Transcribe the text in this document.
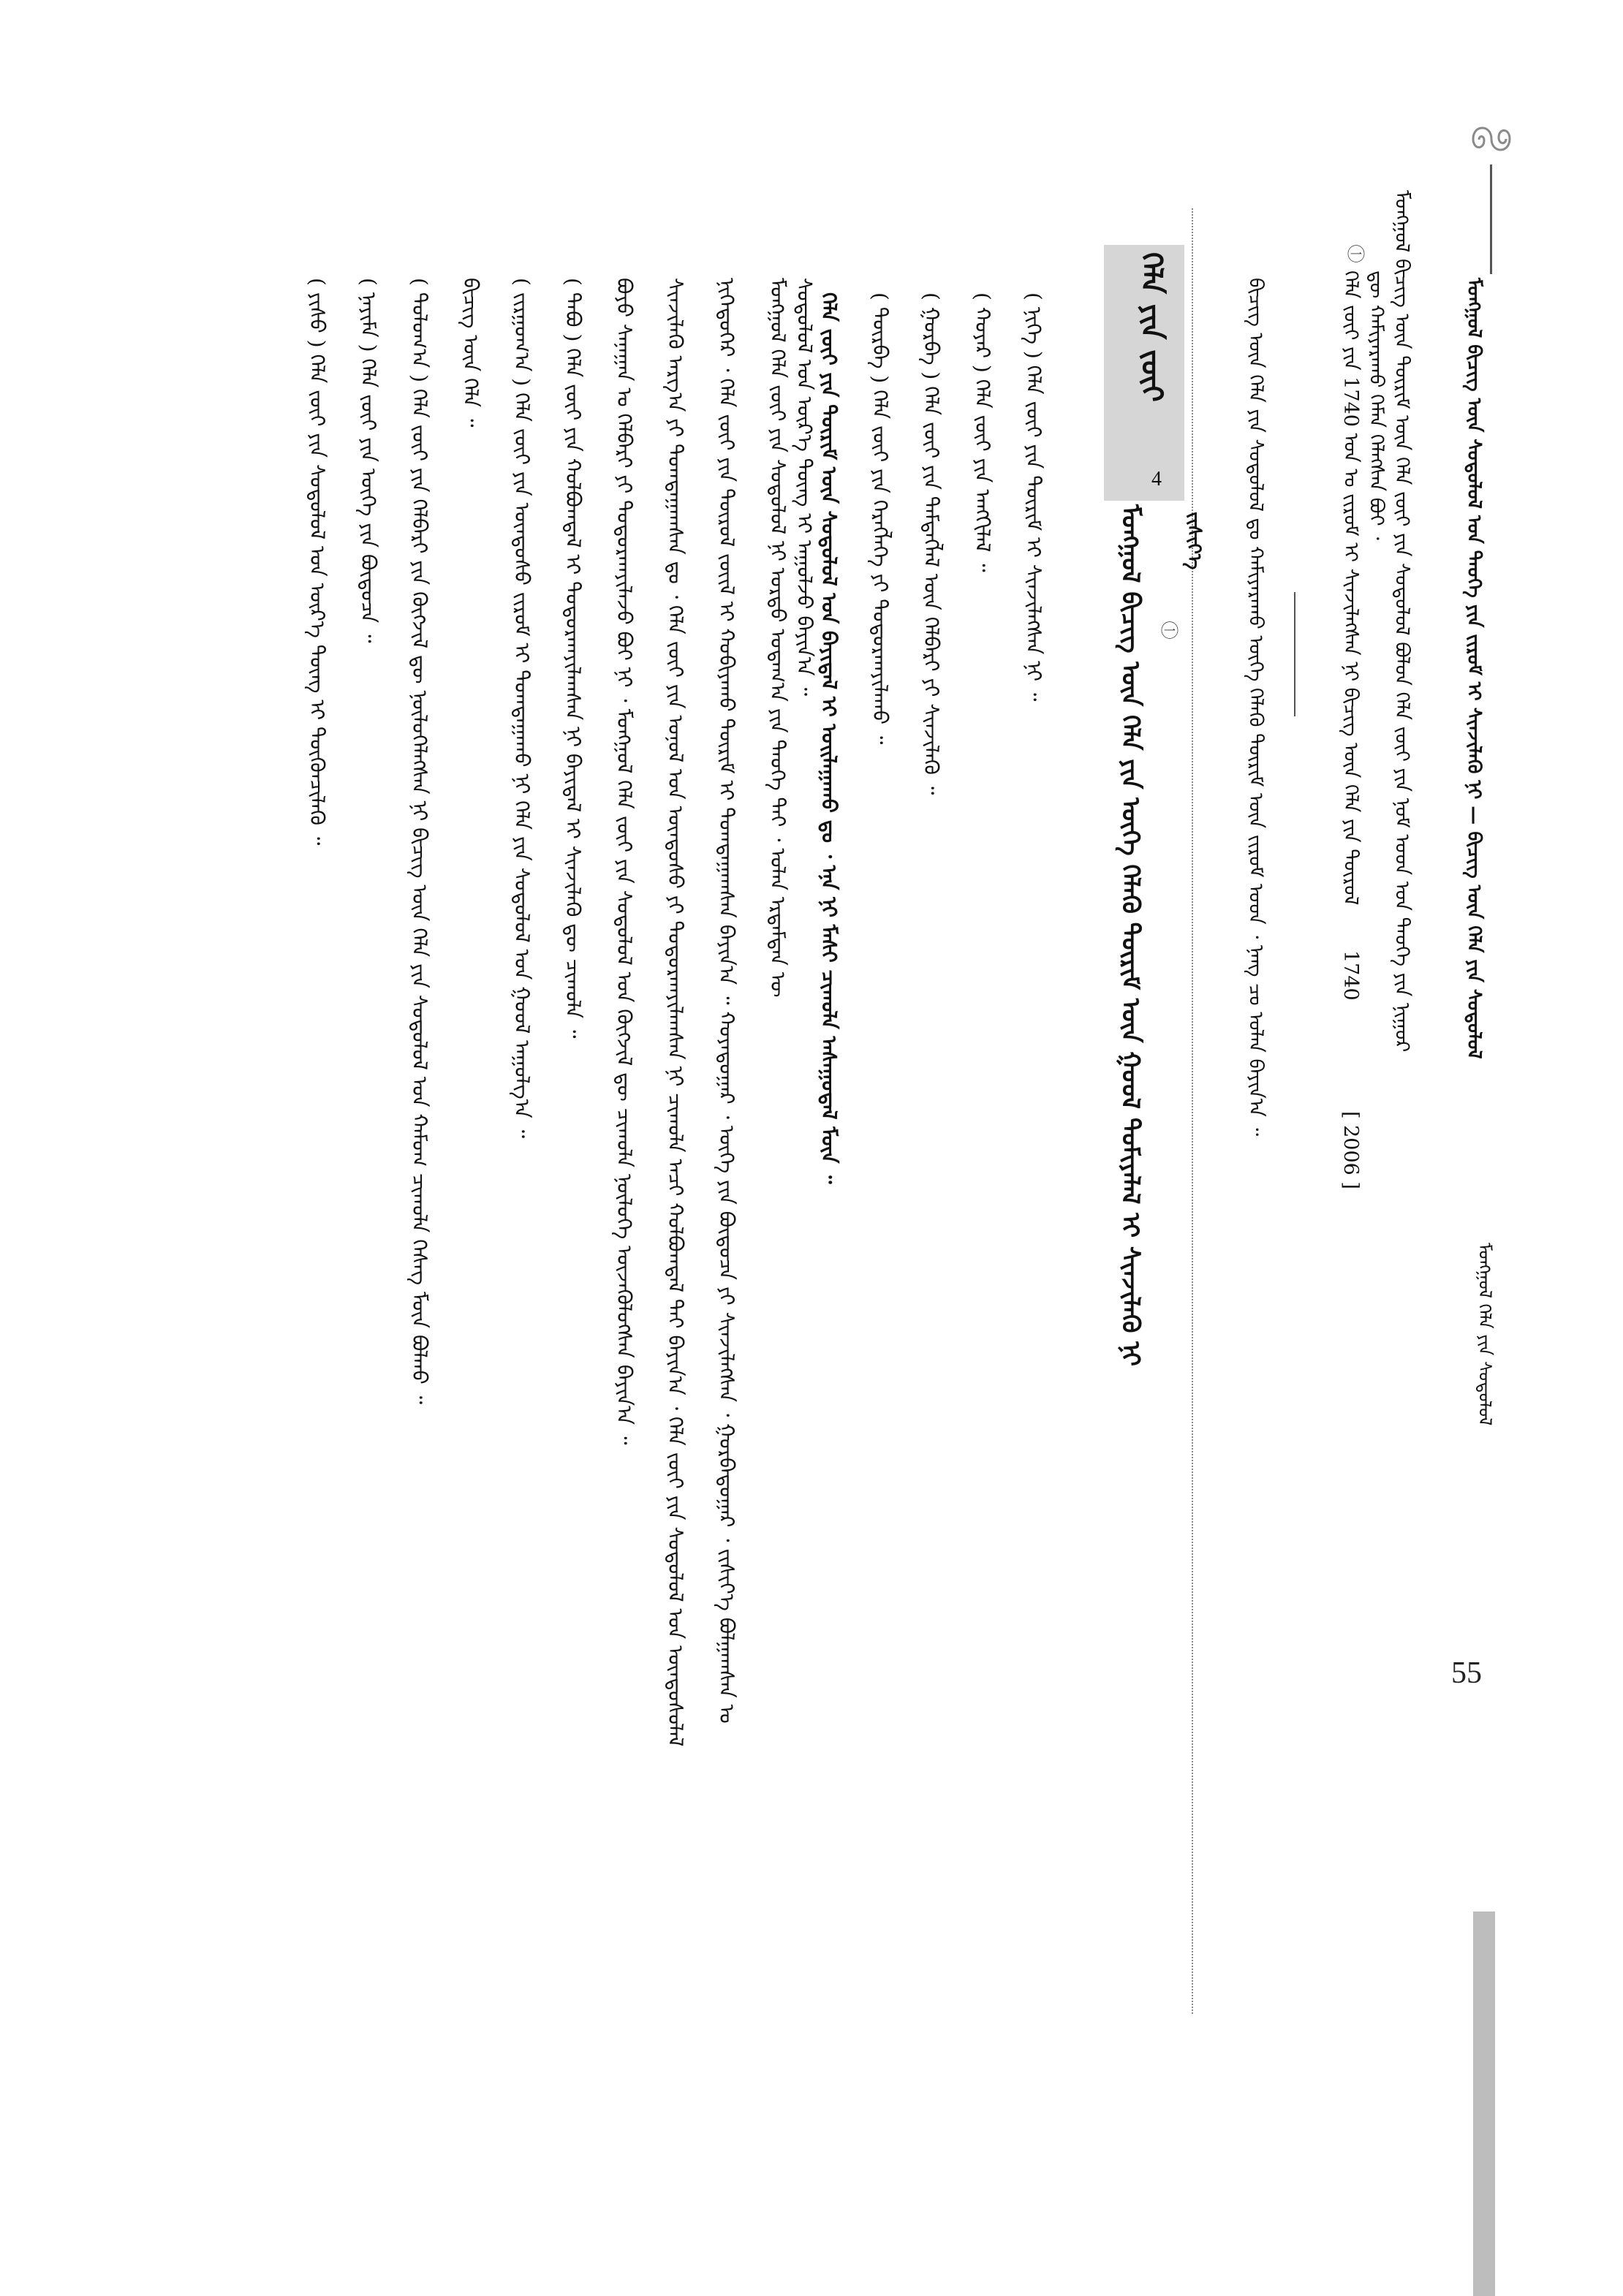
ᠮᠣᠩᠭᠤᠯ ᠪᠢᠴᠢᠭ᠌ ᠦᠨ ᠰᠤᠳᠤᠯᠤᠯ ᠤᠨ ᠲᠡᠦᠬᠡ ᠶᠢᠨ ᠵᠢᠷᠤᠮ ᠢ ᠰᠢᠨᠵᠢᠯᠡᠬᠦ ᠨᠢ — ᠪᠢᠴᠢᠭ᠌ ᠦᠨ ᠬᠡᠯᠡ ᠶᠢᠨ ᠰᠤᠳᠤᠯᠤᠯ
ᠮᠣᠩᠭᠤᠯ ᠬᠡᠯᠡ ᠶᠢᠨ ᠰᠤᠳᠤᠯᠤᠯ
55
ᠮᠣᠩᠭᠤᠯ ᠪᠢᠴᠢᠭ᠌ ᠦᠨ ᠳᠦᠷᠢᠮ ᠦᠨ ᠬᠡᠯᠡ ᠵᠦᠢ ᠶᠢᠨ ᠰᠤᠳᠤᠯᠤᠯ ᠪᠤᠯᠤᠨ ᠬᠡᠯᠡ ᠵᠦᠢ ᠶᠢᠨ ᠨᠣᠮ ᠤᠳ ᠤᠨ ᠲᠡᠦᠬᠡ ᠶᠢᠨ ᠨᠢᠭᠤᠷ
ᠬᠡᠯᠡ ᠵᠦᠢ ᠶᠢᠨ 1740 ᠣᠨ ᠤ ᠵᠢᠷᠤᠮ ᠢ ᠰᠢᠨᠵᠢᠯᠡᠭᠰᠡᠨ ᠨᠢ ᠪᠢᠴᠢᠭ᠌ ᠦᠨ ᠬᠡᠯᠡ ᠶᠢᠨ ᠲᠥᠷᠦᠯ ᠳᠦ ᠬᠠᠮᠢᠶᠠᠷᠠᠬᠤ ᠬᠡᠮᠡᠨ ᠬᠡᠯᠡᠭᠰᠡᠨ ᠪᠤᠢ ᠂
1740
[ 2006 ]
㊀
ᠪᠢᠴᠢᠭ᠌ ᠦᠨ ᠬᠡᠯᠡ ᠶᠢᠨ ᠰᠤᠳᠤᠯᠤᠯ ᠳᠤ ᠬᠠᠮᠢᠶᠠᠷᠠᠬᠤ ᠦᠭᠡ ᠬᠡᠯᠡᠬᠦ ᠳᠦᠷᠢᠮ ᠦᠨ ᠵᠢᠷᠤᠮ ᠤᠳ ᠂ ᠨᠡᠩ ᠴᠤ ᠣᠯᠠᠨ ᠪᠠᠶᠢᠨ᠎ᠠ ᠃
ᠬᠡᠯᠡ ᠶᠢᠨ ᠵᠦᠢ
4
㊀
ᠵᠢᠱᠢᠶ᠎ᠡ
ᠮᠣᠩᠭᠤᠯ ᠪᠢᠴᠢᠭ᠌ ᠦᠨ ᠬᠡᠯᠡ ᠶᠢᠨ ᠦᠭᠡ ᠬᠡᠯᠡᠬᠦ ᠳᠦᠷᠢᠮ ᠦᠨ ᠭᠣᠣᠯ ᠲᠣᠮᠢᠶᠠᠯᠠᠯ ᠢ ᠰᠢᠨᠵᠢᠯᠡᠬᠦ ᠨᠢ
( ᠨᠢᠭᠡ ) ᠬᠡᠯᠡ ᠵᠦᠢ ᠶᠢᠨ ᠳᠦᠷᠢᠮ ᠢ ᠰᠢᠨᠵᠢᠯᠡᠭᠰᠡᠨ ᠨᠢ ᠃
( ᠬᠣᠶᠠᠷ ) ᠬᠡᠯᠡ ᠵᠦᠢ ᠶᠢᠨ ᠠᠩᠭᠢᠯᠠᠯ ᠃
( ᠭᠤᠷᠪᠠ ) ᠬᠡᠯᠡ ᠵᠦᠢ ᠶᠢᠨ ᠲᠡᠮᠳᠡᠭᠯᠡᠯ ᠦᠨ ᠬᠡᠯᠪᠡᠷᠢ ᠶᠢ ᠰᠢᠨᠵᠢᠯᠡᠬᠦ ᠃
( ᠳᠥᠷᠪᠡ ) ᠬᠡᠯᠡ ᠵᠦᠢ ᠶᠢᠨ ᠬᠡᠷᠡᠭᠯᠡᠭᠡ ᠶᠢ ᠲᠣᠳᠤᠷᠬᠠᠶᠢᠯᠠᠬᠤ ᠃
ᠬᠡᠯᠡ ᠵᠦᠢ ᠶᠢᠨ ᠳᠦᠷᠢᠮ ᠦᠨ ᠰᠤᠳᠤᠯᠤᠯ ᠤᠨ ᠪᠠᠶᠢᠳᠠᠯ ᠢ ᠣᠢᠯᠠᠭᠠᠬᠤ ᠳᠤ ᠂ ᠡᠨᠡ ᠨᠢ ᠮᠠᠰᠢ ᠴᠢᠬᠤᠯᠠ ᠠᠰᠠᠭᠤᠳᠠᠯ ᠮᠥᠨ ᠃
ᠮᠣᠩᠭᠤᠯ ᠬᠡᠯᠡ ᠵᠦᠢ ᠶᠢᠨ ᠰᠤᠳᠤᠯᠤᠯ ᠨᠢ ᠤᠷᠲᠤ ᠤᠳᠠᠭ᠎ᠠ ᠶᠢᠨ ᠲᠡᠦᠬᠡ ᠲᠡᠢ ᠂ ᠣᠯᠠᠨ ᠡᠷᠳᠡᠮᠲᠡᠨ ᠦ ᠰᠤᠳᠤᠯᠤᠯ ᠤᠨ ᠦᠷ᠎ᠡ ᠳᠦᠩ ᠢ ᠠᠭᠤᠯᠵᠤ ᠪᠠᠶᠢᠨ᠎ᠠ ᠃
ᠨᠢᠭᠡᠳᠦᠭᠡᠷ ᠂ ᠬᠡᠯᠡ ᠵᠦᠢ ᠶᠢᠨ ᠲᠥᠷᠦᠯ ᠵᠦᠢᠯ ᠢ ᠬᠤᠪᠢᠶᠠᠬᠤ ᠳᠦᠷᠢᠮ ᠢ ᠲᠣᠭᠲᠠᠭᠠᠭᠰᠠᠨ ᠪᠠᠶᠢᠨ᠎ᠠ ᠃ ᠬᠣᠶᠠᠳᠤᠭᠠᠷ ᠂ ᠦᠭᠡ ᠶᠢᠨ ᠪᠦᠲᠦᠴᠡ ᠶᠢ ᠰᠢᠨᠵᠢᠯᠡᠭᠰᠡᠨ ᠂ ᠭᠤᠷᠪᠠᠳᠤᠭᠠᠷ ᠂ ᠵᠢᠱᠢᠶ᠎ᠡ ᠪᠤᠯᠭᠠᠭᠰᠠᠨ ᠤ
ᠰᠢᠨᠵᠢᠯᠡᠬᠦ ᠠᠷᠭ᠎ᠠ ᠶᠢ ᠲᠣᠭᠲᠠᠭᠠᠭᠰᠠᠨ ᠳᠤ ᠂ ᠬᠡᠯᠡ ᠵᠦᠢ ᠶᠢᠨ ᠣᠨᠣᠯ ᠤᠨ ᠦᠨᠳᠦᠰᠦ ᠶᠢ ᠲᠣᠳᠤᠷᠬᠠᠶᠢᠯᠠᠭᠰᠠᠨ ᠨᠢ ᠴᠢᠬᠤᠯᠠ ᠠᠴᠢ ᠬᠣᠯᠪᠣᠭᠳᠠᠯ ᠲᠠᠢ ᠪᠠᠶᠢᠨ᠎ᠠ ᠂ ᠬᠡᠯᠡ ᠵᠦᠢ ᠶᠢᠨ ᠰᠤᠳᠤᠯᠤᠯ ᠤᠨ ᠦᠨᠳᠦᠰᠦᠯᠡᠯ
ᠪᠤᠶᠤ ᠰᠠᠨᠠᠭᠠᠨ ᠤ ᠬᠡᠯᠪᠡᠷᠢ ᠶᠢ ᠲᠣᠳᠤᠷᠬᠠᠶᠢᠯᠠᠵᠤ ᠪᠤᠢ ᠨᠢ ᠂ ᠮᠣᠩᠭᠤᠯ ᠬᠡᠯᠡ ᠵᠦᠢ ᠶᠢᠨ ᠰᠤᠳᠤᠯᠤᠯ ᠤᠨ ᠬᠥᠭᠵᠢᠯ ᠳᠦ ᠴᠢᠬᠤᠯᠠ ᠨᠥᠯᠥᠭᠡ ᠦᠵᠡᠭᠦᠯᠦᠭᠰᠡᠨ ᠪᠠᠶᠢᠨ᠎ᠠ ᠃
( ᠲᠠᠪᠤ ) ᠬᠡᠯᠡ ᠵᠦᠢ ᠶᠢᠨ ᠬᠣᠯᠪᠣᠭᠳᠠᠯ ᠢ ᠲᠣᠳᠤᠷᠬᠠᠶᠢᠯᠠᠭᠰᠠᠨ ᠨᠢ ᠪᠠᠶᠢᠳᠠᠯ ᠢ ᠰᠢᠨᠵᠢᠯᠡᠬᠦ ᠳᠦ ᠴᠢᠬᠤᠯᠠ ᠃
( ᠵᠢᠷᠭᠤᠭ᠎ᠠ ) ᠬᠡᠯᠡ ᠵᠦᠢ ᠶᠢᠨ ᠦᠨᠳᠦᠰᠦ ᠵᠢᠷᠤᠮ ᠢ ᠲᠣᠭᠲᠠᠭᠠᠬᠤ ᠨᠢ ᠬᠡᠯᠡ ᠶᠢᠨ ᠰᠤᠳᠤᠯᠤᠯ ᠤᠨ ᠭᠣᠣᠯ ᠠᠭᠤᠯᠭ᠎ᠠ ᠃
ᠪᠢᠴᠢᠭ᠌ ᠦᠨ ᠬᠡᠯᠡ ᠃
( ᠳᠣᠯᠣᠭ᠎ᠠ ) ᠬᠡᠯᠡ ᠵᠦᠢ ᠶᠢᠨ ᠬᠡᠯᠪᠡᠷᠢ ᠶᠢᠨ ᠬᠥᠭᠵᠢᠯ ᠳᠦ ᠨᠥᠯᠥᠭᠡᠯᠡᠭᠰᠡᠨ ᠨᠢ ᠪᠢᠴᠢᠭ᠌ ᠦᠨ ᠬᠡᠯᠡ ᠶᠢᠨ ᠰᠤᠳᠤᠯᠤᠯ ᠤᠨ ᠬᠠᠮᠤᠭ ᠴᠢᠬᠤᠯᠠ ᠬᠡᠰᠡᠭ ᠮᠥᠨ ᠪᠣᠯᠬᠤ ᠃
( ᠨᠠᠶᠢᠮᠠ ) ᠬᠡᠯᠡ ᠵᠦᠢ ᠶᠢᠨ ᠦᠭᠡ ᠶᠢᠨ ᠪᠦᠲᠦᠴᠡ ᠃
( ᠶᠢᠰᠦ ) ᠬᠡᠯᠡ ᠵᠦᠢ ᠶᠢᠨ ᠰᠤᠳᠤᠯᠤᠯ ᠤᠨ ᠦᠷ᠎ᠡ ᠳᠦᠩ ᠢ ᠳᠦᠭᠦᠨᠴᠢᠯᠡᠬᠦ ᠃
